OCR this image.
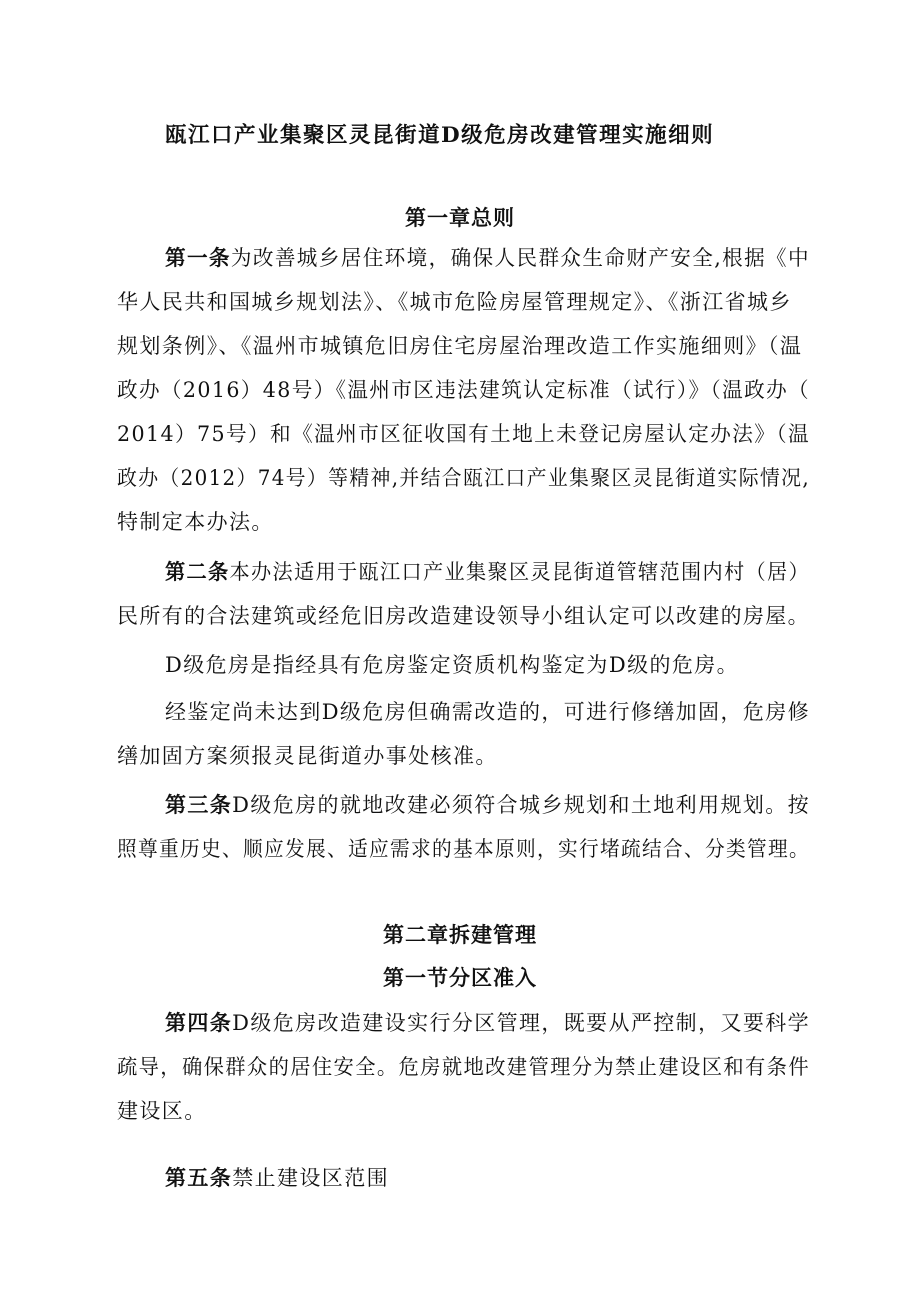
瓯江口产业集聚区灵昆街道D级危房改建管理实施细则
第一章总则
第一条为改善城乡居住环境，确保人民群众生命财产安全,根据《中
华人民共和国城乡规划法》、《城市危险房屋管理规定》、《浙江省城乡
规划条例》、《温州市城镇危旧房住宅房屋治理改造工作实施细则》（温
政办（2016）48号）《温州市区违法建筑认定标准（试行）》（温政办（
2014）75号）和《温州市区征收国有土地上未登记房屋认定办法》（温
政办（2012）74号）等精神,并结合瓯江口产业集聚区灵昆街道实际情况,
特制定本办法。
第二条本办法适用于瓯江口产业集聚区灵昆街道管辖范围内村（居）
民所有的合法建筑或经危旧房改造建设领导小组认定可以改建的房屋。
D级危房是指经具有危房鉴定资质机构鉴定为D级的危房。
经鉴定尚未达到D级危房但确需改造的，可进行修缮加固，危房修
缮加固方案须报灵昆街道办事处核准。
第三条D级危房的就地改建必须符合城乡规划和土地利用规划。按
照尊重历史、顺应发展、适应需求的基本原则，实行堵疏结合、分类管理。
第二章拆建管理
第一节分区准入
第四条D级危房改造建设实行分区管理，既要从严控制，又要科学
疏导，确保群众的居住安全。危房就地改建管理分为禁止建设区和有条件
建设区。
第五条禁止建设区范围
